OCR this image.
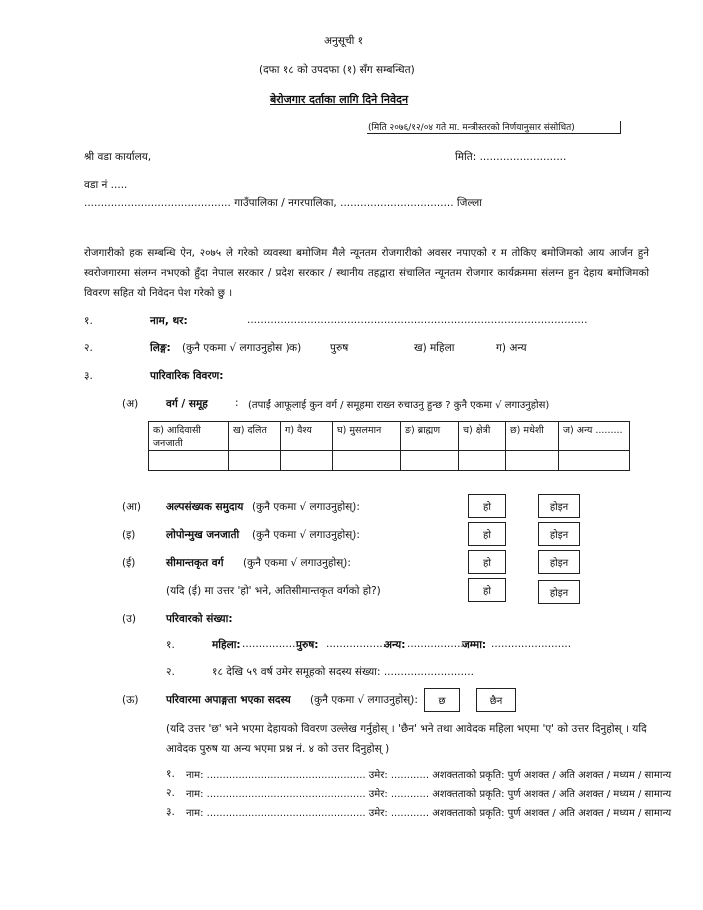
अनुसूची १
(दफा १८ को उपदफा (१) सँग सम्बन्धित)
बेरोजगार दर्ताका लागि दिने निवेदन
(मिति २०७६/१२/०४ गते मा. मन्त्रीस्तरको निर्णयानुसार संसोधित)
श्री वडा कार्यालय,	मिति: ..........................
वडा नं .....
............................................ गाउँपालिका / नगरपालिका, .................................. जिल्ला
रोजगारीको हक सम्बन्धि ऐन, २०७५ ले गरेको व्यवस्था बमोजिम मैले न्यूनतम रोजगारीको अवसर नपाएको र म तोकिए बमोजिमको आय आर्जन हुने स्वरोजगारमा संलग्न नभएको हुँदा नेपाल सरकार / प्रदेश सरकार / स्थानीय तहद्वारा संचालित न्यूनतम रोजगार कार्यक्रममा संलग्न हुन देहाय बमोजिमको विवरण सहित यो निवेदन पेश गरेको छु ।
१.	नाम, थर:	......................................................................................................
२.	लिङ्ग: (कुनै एकमा √ लगाउनुहोस ) क)	पुरुष	ख) महिला	ग) अन्य
३.	पारिवारिक विवरण:
(अ)	वर्ग / समूह	: (तपाईं आफूलाई कुन वर्ग / समूहमा राख्न रुचाउनु हुन्छ ? कुनै एकमा √ लगाउनुहोस)
क) आदिवासी जनजाती	ख) दलित	ग) वैश्य	घ) मुसलमान	ङ) ब्राह्मण	च) क्षेत्री	छ) मधेशी	ज) अन्य .........

(आ) अल्पसंख्यक समुदाय (कुनै एकमा √ लगाउनुहोस्):	हो	होइन
(इ)	लोपोन्मुख जनजाती (कुनै एकमा √ लगाउनुहोस्):	हो	होइन
(ई)	सीमान्तकृत वर्ग (कुनै एकमा √ लगाउनुहोस्):	हो	होइन
(यदि (ई) मा उत्तर 'हो' भने, अतिसीमान्तकृत वर्गको हो?)	हो	होइन
(उ)	परिवारको संख्या:
१.	महिला: ..................
पुरुष: ..................
अन्य: ..................
जम्मा: ........................
२.	१८ देखि ५९ वर्ष उमेर समूहको सदस्य संख्या: ...........................
(ऊ)	परिवारमा अपाङ्गता भएका सदस्य (कुनै एकमा √ लगाउनुहोस्):	छ	छैन
(यदि उत्तर 'छ' भने भएमा देहायको विवरण उल्लेख गर्नुहोस् । 'छैन' भने तथा आवेदक महिला भएमा 'ए' को उत्तर दिनुहोस् । यदि आवेदक पुरुष या अन्य भएमा प्रश्न नं. ४ को उत्तर दिनुहोस् )
१. नाम: .................................................. उमेर: ............ अशक्तताको प्रकृति: पुर्ण अशक्त / अति अशक्त / मध्यम / सामान्य
२. नाम: .................................................. उमेर: ............ अशक्तताको प्रकृति: पुर्ण अशक्त / अति अशक्त / मध्यम / सामान्य
३. नाम: .................................................. उमेर: ............ अशक्तताको प्रकृति: पुर्ण अशक्त / अति अशक्त / मध्यम / सामान्य
